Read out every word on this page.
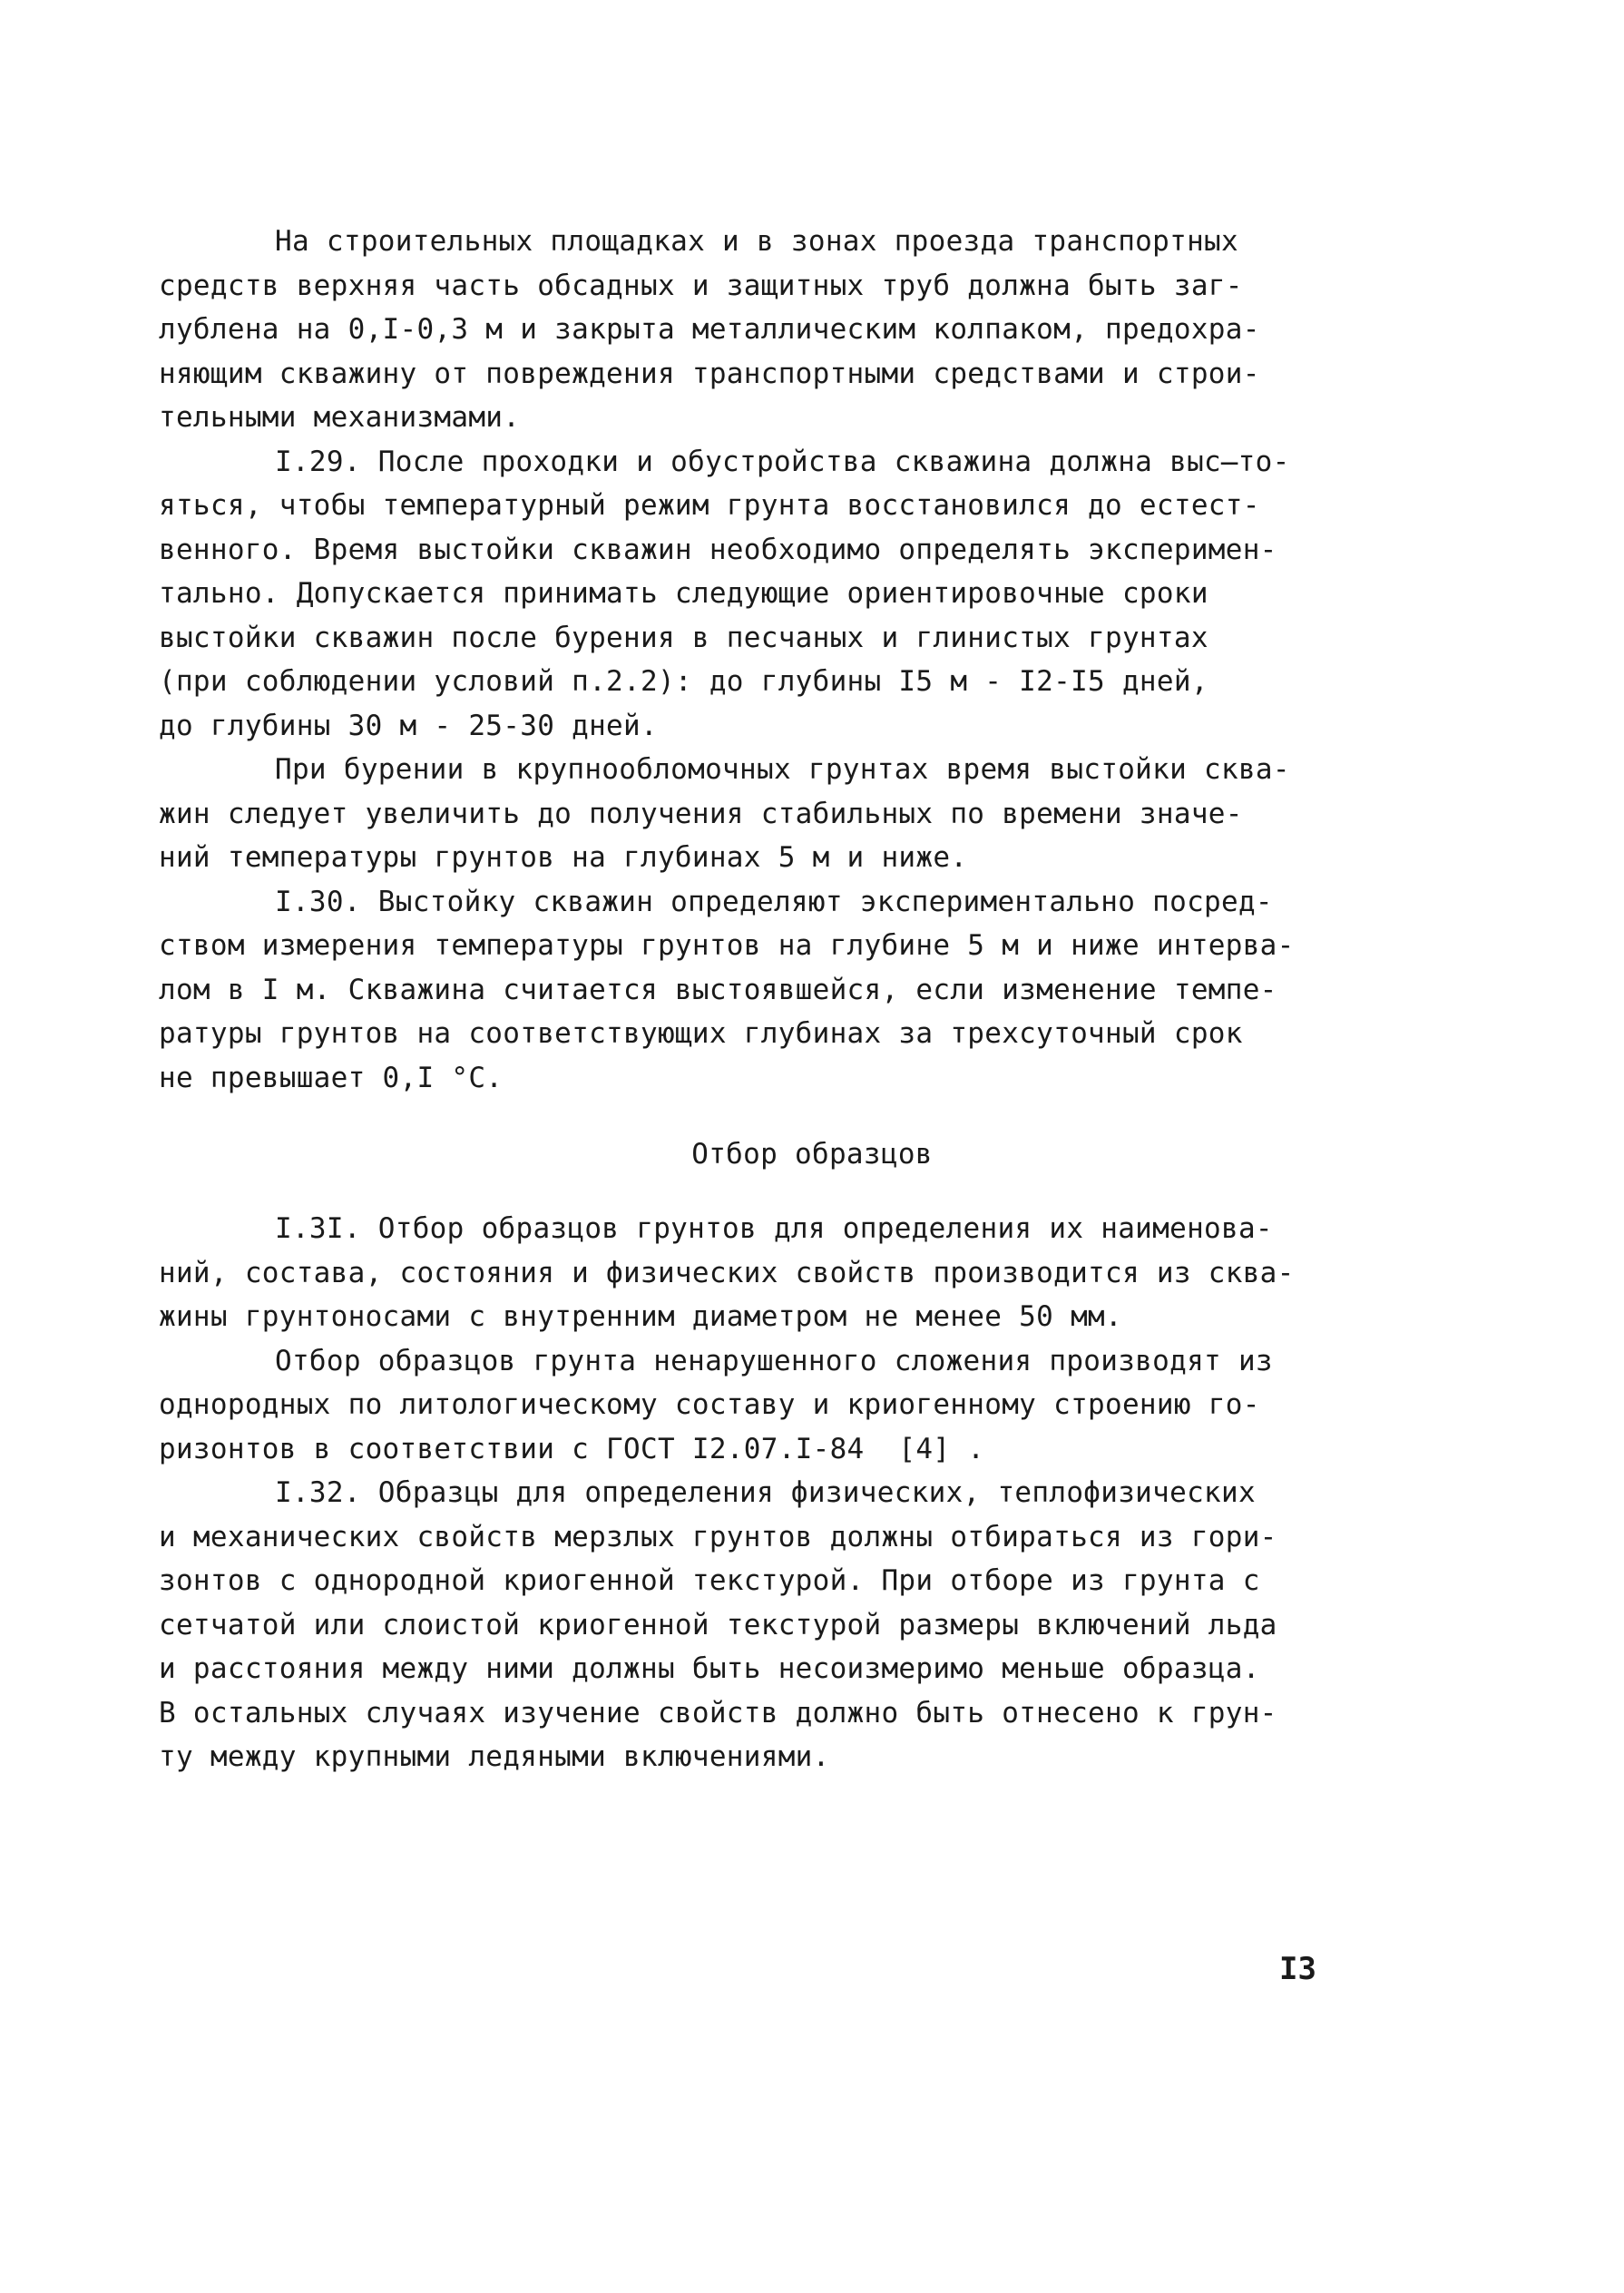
На строительных площадках и в зонах проезда транспортных
средств верхняя часть обсадных и защитных труб должна быть заг-
лублена на 0,I-0,3 м и закрыта металлическим колпаком, предохра-
няющим скважину от повреждения транспортными средствами и строи-
тельными механизмами.
I.29. После проходки и обустройства скважина должна выс̶то-
яться, чтобы температурный режим грунта восстановился до естест-
венного. Время выстойки скважин необходимо определять эксперимен-
тально. Допускается принимать следующие ориентировочные сроки
выстойки скважин после бурения в песчаных и глинистых грунтах
(при соблюдении условий п.2.2): до глубины I5 м - I2-I5 дней,
до глубины 30 м - 25-30 дней.
При бурении в крупнообломочных грунтах время выстойки сква-
жин следует увеличить до получения стабильных по времени значе-
ний температуры грунтов на глубинах 5 м и ниже.
I.30. Выстойку скважин определяют экспериментально посред-
ством измерения температуры грунтов на глубине 5 м и ниже интерва-
лом в I м. Скважина считается выстоявшейся, если изменение темпе-
ратуры грунтов на соответствующих глубинах за трехсуточный срок
не превышает 0,I °C.
Отбор образцов
I.3I. Отбор образцов грунтов для определения их наименова-
ний, состава, состояния и физических свойств производится из сква-
жины грунтоносами с внутренним диаметром не менее 50 мм.
Отбор образцов грунта ненарушенного сложения производят из
однородных по литологическому составу и криогенному строению го-
ризонтов в соответствии с ГОСТ I2.07.I-84  [4] .
I.32. Образцы для определения физических, теплофизических
и механических свойств мерзлых грунтов должны отбираться из гори-
зонтов с однородной криогенной текстурой. При отборе из грунта с
сетчатой или слоистой криогенной текстурой размеры включений льда
и расстояния между ними должны быть несоизмеримо меньше образца.
В остальных случаях изучение свойств должно быть отнесено к грун-
ту между крупными ледяными включениями.
I3
